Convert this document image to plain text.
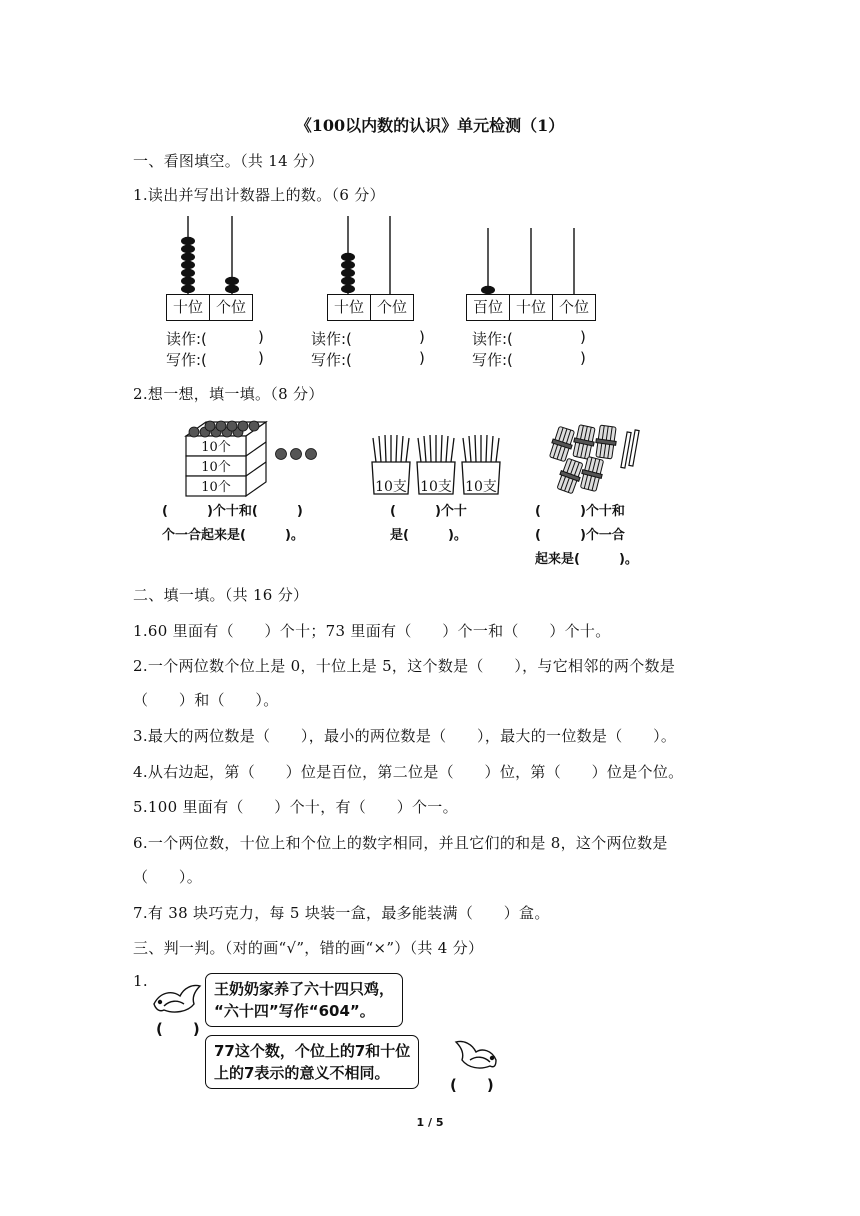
《100以内数的认识》单元检测（1）
一、看图填空。（共 14 分）
1.读出并写出计数器上的数。（6 分）
十位 个位	十位 个位	百位 十位 个位
读作:(	)
写作:(	)
读作:(	)
写作:(	)
读作:(	)
写作:(	)
2.想一想，填一填。（8 分）
10个
10个
10个	10支 10支 10支
(　　　)个十和(　　　)
个一合起来是(　　　)。
(　　　)个十
是(　　　)。
(　　　)个十和
(　　　)个一合
起来是(　　　)。
二、填一填。（共 16 分）
1.60 里面有（　　）个十；73 里面有（　　）个一和（　　）个十。
2.一个两位数个位上是 0，十位上是 5，这个数是（　　），与它相邻的两个数是
（　　）和（　　）。
3.最大的两位数是（　　），最小的两位数是（　　），最大的一位数是（　　）。
4.从右边起，第（　　）位是百位，第二位是（　　）位，第（　　）位是个位。
5.100 里面有（　　）个十，有（　　）个一。
6.一个两位数，十位上和个位上的数字相同，并且它们的和是 8，这个两位数是
（　　）。
7.有 38 块巧克力，每 5 块装一盒，最多能装满（　　）盒。
三、判一判。（对的画“√”，错的画“×”）（共 4 分）
1.	王奶奶家养了六十四只鸡，
“六十四”写作“604”。
(　　)
77这个数，个位上的7和十位
上的7表示的意义不相同。
(　　)
1 / 5
